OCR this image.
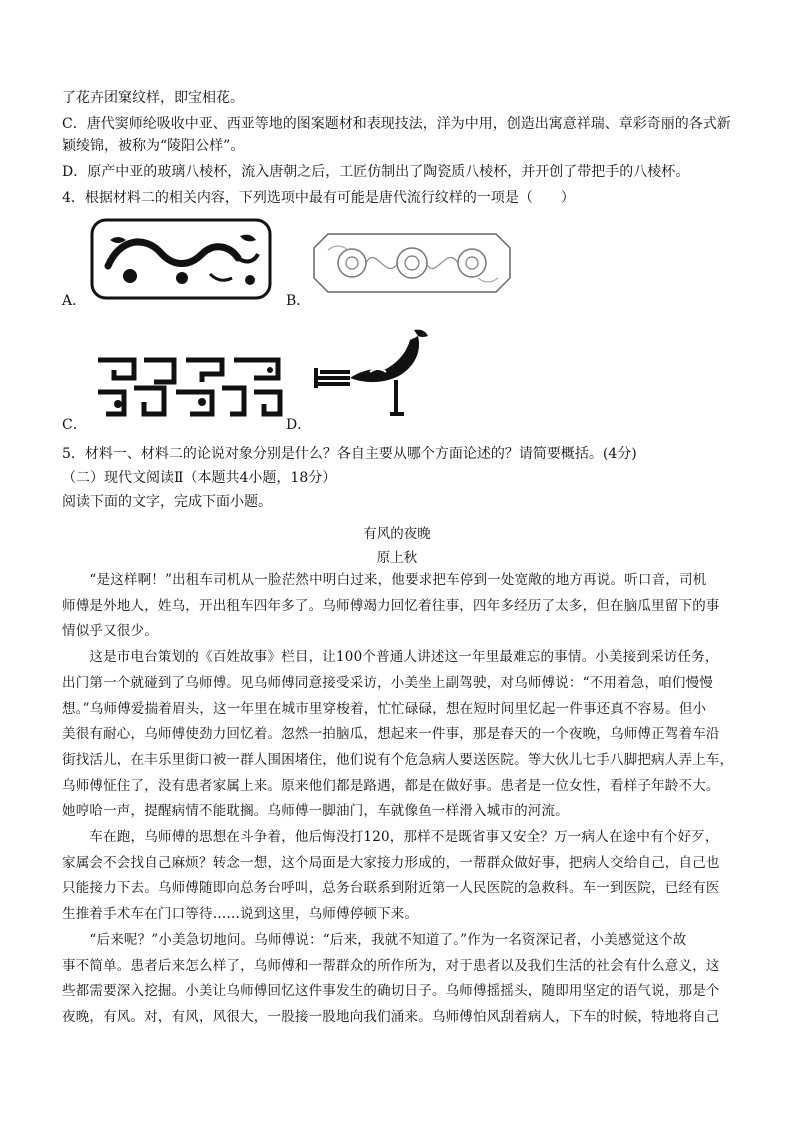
了花卉团窠纹样，即宝相花。
C．唐代窦师纶吸收中亚、西亚等地的图案题材和表现技法，洋为中用，创造出寓意祥瑞、章彩奇丽的各式新
颖绫锦，被称为“陵阳公样”。
D．原产中亚的玻璃八棱杯，流入唐朝之后，工匠仿制出了陶瓷质八棱杯，并开创了带把手的八棱杯。
4．根据材料二的相关内容，下列选项中最有可能是唐代流行纹样的一项是（　　）
A．	B．
C．	D．
5．材料一、材料二的论说对象分别是什么？各自主要从哪个方面论述的？请简要概括。(4分)
（二）现代文阅读Ⅱ（本题共4小题，18分）
阅读下面的文字，完成下面小题。
有风的夜晚
原上秋
　　“是这样啊！”出租车司机从一脸茫然中明白过来，他要求把车停到一处宽敞的地方再说。听口音，司机
师傅是外地人，姓乌，开出租车四年多了。乌师傅竭力回忆着往事，四年多经历了太多，但在脑瓜里留下的事
情似乎又很少。
　　这是市电台策划的《百姓故事》栏目，让100个普通人讲述这一年里最难忘的事情。小美接到采访任务，
出门第一个就碰到了乌师傅。见乌师傅同意接受采访，小美坐上副驾驶，对乌师傅说：“不用着急，咱们慢慢
想。”乌师傅爱揣着眉头，这一年里在城市里穿梭着，忙忙碌碌，想在短时间里忆起一件事还真不容易。但小
美很有耐心，乌师傅使劲力回忆着。忽然一拍脑瓜，想起来一件事，那是春天的一个夜晚，乌师傅正驾着车沿
街找活儿，在丰乐里街口被一群人围困堵住，他们说有个危急病人要送医院。等大伙儿七手八脚把病人弄上车，
乌师傅怔住了，没有患者家属上来。原来他们都是路遇，都是在做好事。患者是一位女性，看样子年龄不大。
她哼哈一声，提醒病情不能耽搁。乌师傅一脚油门，车就像鱼一样滑入城市的河流。
　　车在跑，乌师傅的思想在斗争着，他后悔没打120，那样不是既省事又安全？万一病人在途中有个好歹，
家属会不会找自己麻烦？转念一想，这个局面是大家接力形成的，一帮群众做好事，把病人交给自己，自己也
只能接力下去。乌师傅随即向总务台呼叫，总务台联系到附近第一人民医院的急救科。车一到医院，已经有医
生推着手术车在门口等待……说到这里，乌师傅停顿下来。
　　“后来呢？”小美急切地问。乌师傅说：“后来，我就不知道了。”作为一名资深记者，小美感觉这个故
事不简单。患者后来怎么样了，乌师傅和一帮群众的所作所为，对于患者以及我们生活的社会有什么意义，这
些都需要深入挖掘。小美让乌师傅回忆这件事发生的确切日子。乌师傅摇摇头，随即用坚定的语气说，那是个
夜晚，有风。对，有风，风很大，一股接一股地向我们涌来。乌师傅怕风刮着病人，下车的时候，特地将自己
